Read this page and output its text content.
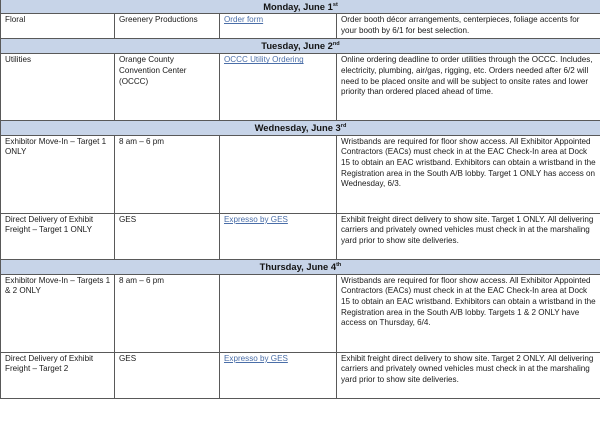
Monday, June 1st
Floral	Greenery Productions	Order form	Order booth décor arrangements, centerpieces, foliage accents for your booth by 6/1 for best selection.
Tuesday, June 2nd
Utilities	Orange County Convention Center (OCCC)	OCCC Utility Ordering	Online ordering deadline to order utilities through the OCCC. Includes, electricity, plumbing, air/gas, rigging, etc. Orders needed after 6/2 will need to be placed onsite and will be subject to onsite rates and lower priority than ordered placed ahead of time.
Wednesday, June 3rd
Exhibitor Move-In – Target 1 ONLY	8 am – 6 pm		Wristbands are required for floor show access. All Exhibitor Appointed Contractors (EACs) must check in at the EAC Check-In area at Dock 15 to obtain an EAC wristband. Exhibitors can obtain a wristband in the Registration area in the South A/B lobby. Target 1 ONLY has access on Wednesday, 6/3.
Direct Delivery of Exhibit Freight – Target 1 ONLY	GES	Expresso by GES	Exhibit freight direct delivery to show site. Target 1 ONLY. All delivering carriers and privately owned vehicles must check in at the marshaling yard prior to show site deliveries.
Thursday, June 4th
Exhibitor Move-In – Targets 1 & 2 ONLY	8 am – 6 pm		Wristbands are required for floor show access. All Exhibitor Appointed Contractors (EACs) must check in at the EAC Check-In area at Dock 15 to obtain an EAC wristband. Exhibitors can obtain a wristband in the Registration area in the South A/B lobby. Targets 1 & 2 ONLY have access on Thursday, 6/4.
Direct Delivery of Exhibit Freight – Target 2	GES	Expresso by GES	Exhibit freight direct delivery to show site. Target 2 ONLY. All delivering carriers and privately owned vehicles must check in at the marshaling yard prior to show site deliveries.
